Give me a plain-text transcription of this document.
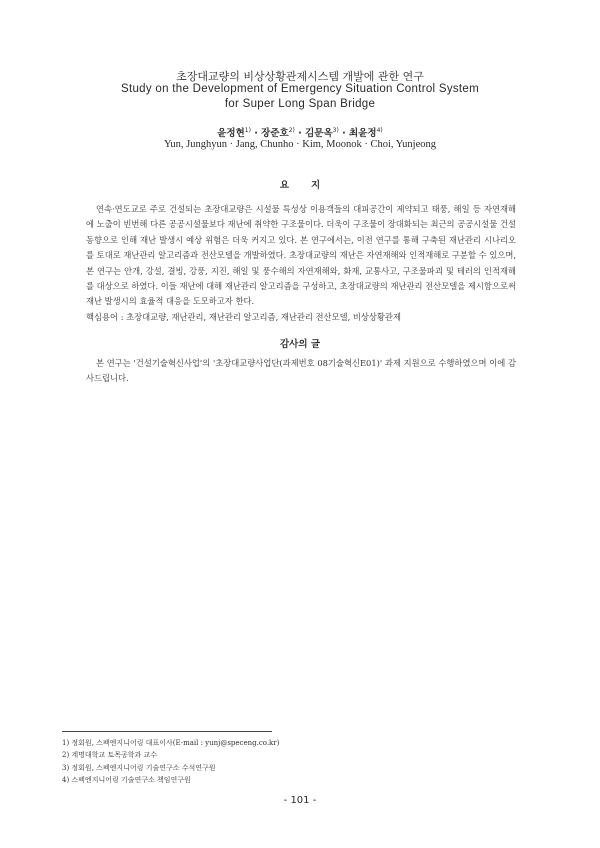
초장대교량의 비상상황관제시스템 개발에 관한 연구
Study on the Development of Emergency Situation Control System
for Super Long Span Bridge
윤정현$^{1)}$ · 장준호$^{2)}$ · 김문옥$^{3)}$ · 최윤정$^{4)}$
Yun, Junghyun · Jang, Chunho · Kim, Moonok · Choi, Yunjeong
요지
연속·연도교로 주로 건설되는 초장대교량은 시설물 특성상 이용객들의 대피공간이 제약되고 태풍, 해일 등 자연재해에 노출이 빈번해 다른 공공시설물보다 재난에 취약한 구조물이다. 더욱이 구조물이 장대화되는 최근의 공공시설물 건설동향으로 인해 재난 발생시 예상 위험은 더욱 커지고 있다. 본 연구에서는, 이전 연구를 통해 구축된 재난관리 시나리오를 토대로 재난관리 알고리즘과 전산모델을 개발하였다. 초장대교량의 재난은 자연재해와 인적재해로 구분할 수 있으며, 본 연구는 안개, 강설, 결빙, 강풍, 지진, 해일 및 풍수해의 자연재해와, 화재, 교통사고, 구조물파괴 및 테러의 인적재해를 대상으로 하였다. 이들 재난에 대해 재난관리 알고리즘을 구성하고, 초장대교량의 재난관리 전산모델을 제시함으로써 재난 발생시의 효율적 대응을 도모하고자 한다.
핵심용어 : 초장대교량, 재난관리, 재난관리 알고리즘, 재난관리 전산모델, 비상상황관제
감사의 글
본 연구는 '건설기술혁신사업'의 '초장대교량사업단(과제번호 08기술혁신E01)' 과제 지원으로 수행하였으며 이에 감사드립니다.
1) 정회원, 스펙엔지니어링 대표이사(E-mail : yunj@speceng.co.kr)
2) 계명대학교 토목공학과 교수
3) 정회원, 스펙엔지니어링 기술연구소 수석연구원
4) 스펙엔지니어링 기술연구소 책임연구원
- 101 -
